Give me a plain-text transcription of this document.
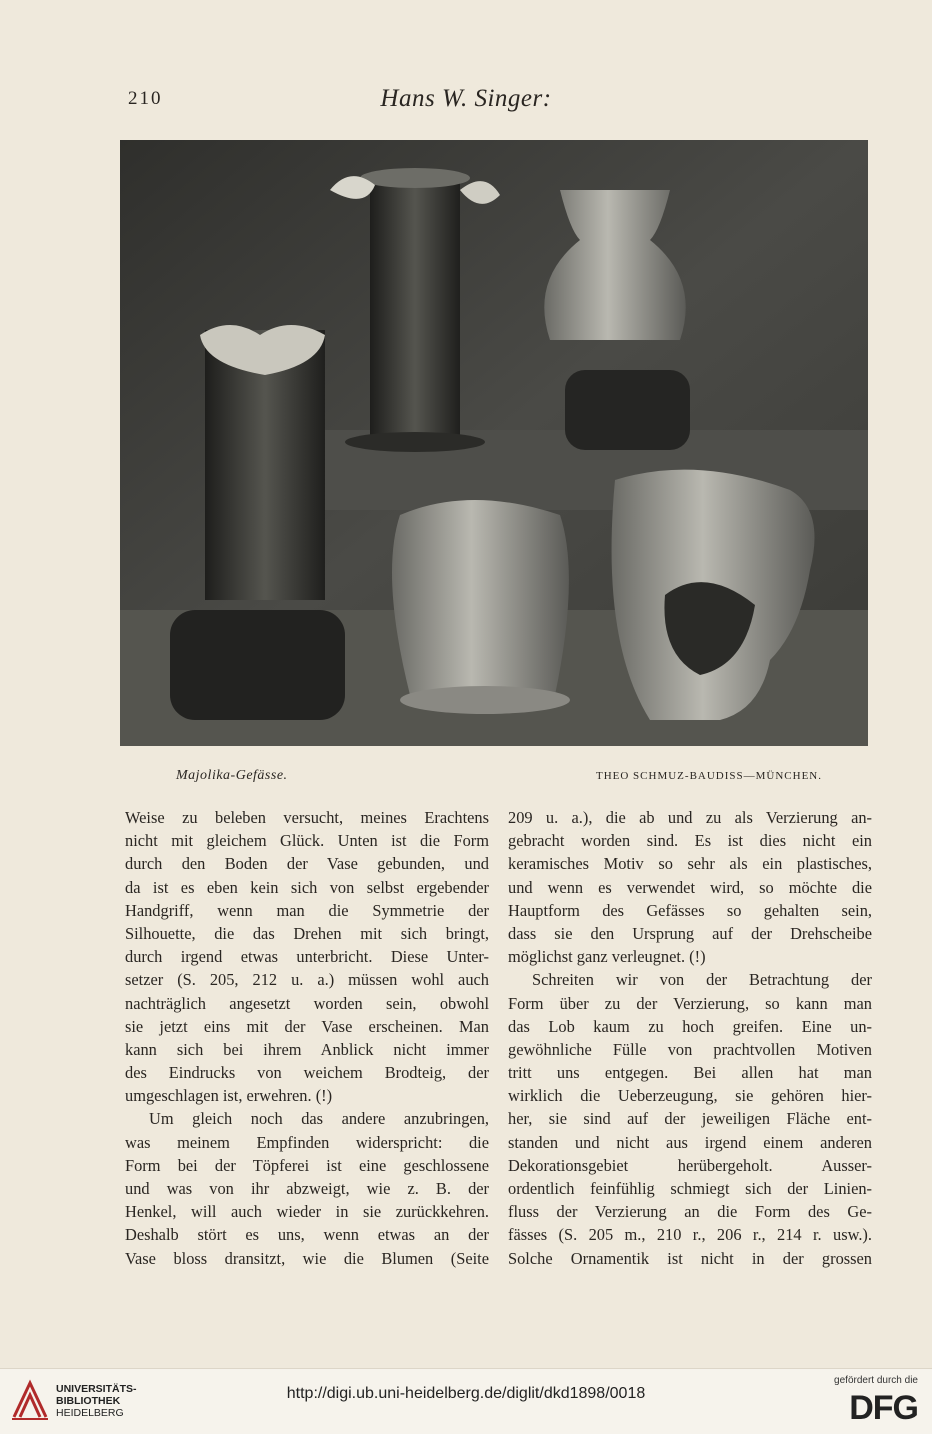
210	Hans W. Singer:
Majolika-Gefässe.	THEO SCHMUZ-BAUDISS—MÜNCHEN.
Weise zu beleben versucht, meines Erachtens
nicht mit gleichem Glück. Unten ist die Form
durch den Boden der Vase gebunden, und
da ist es eben kein sich von selbst ergebender
Handgriff, wenn man die Symmetrie der
Silhouette, die das Drehen mit sich bringt,
durch irgend etwas unterbricht. Diese Unter-
setzer (S. 205, 212 u. a.) müssen wohl auch
nachträglich angesetzt worden sein, obwohl
sie jetzt eins mit der Vase erscheinen. Man
kann sich bei ihrem Anblick nicht immer
des Eindrucks von weichem Brodteig, der
umgeschlagen ist, erwehren. (!)
Um gleich noch das andere anzubringen,
was meinem Empfinden widerspricht: die
Form bei der Töpferei ist eine geschlossene
und was von ihr abzweigt, wie z. B. der
Henkel, will auch wieder in sie zurückkehren.
Deshalb stört es uns, wenn etwas an der
Vase bloss dransitzt, wie die Blumen (Seite
209 u. a.), die ab und zu als Verzierung an-
gebracht worden sind. Es ist dies nicht ein
keramisches Motiv so sehr als ein plastisches,
und wenn es verwendet wird, so möchte die
Hauptform des Gefässes so gehalten sein,
dass sie den Ursprung auf der Drehscheibe
möglichst ganz verleugnet. (!)
Schreiten wir von der Betrachtung der
Form über zu der Verzierung, so kann man
das Lob kaum zu hoch greifen. Eine un-
gewöhnliche Fülle von prachtvollen Motiven
tritt uns entgegen. Bei allen hat man
wirklich die Ueberzeugung, sie gehören hier-
her, sie sind auf der jeweiligen Fläche ent-
standen und nicht aus irgend einem anderen
Dekorationsgebiet herübergeholt. Ausser-
ordentlich feinfühlig schmiegt sich der Linien-
fluss der Verzierung an die Form des Ge-
fässes (S. 205 m., 210 r., 206 r., 214 r. usw.).
Solche Ornamentik ist nicht in der grossen
UNIVERSITÄTS-
BIBLIOTHEK
HEIDELBERG
http://digi.ub.uni-heidelberg.de/diglit/dkd1898/0018
gefördert durch die
DFG
